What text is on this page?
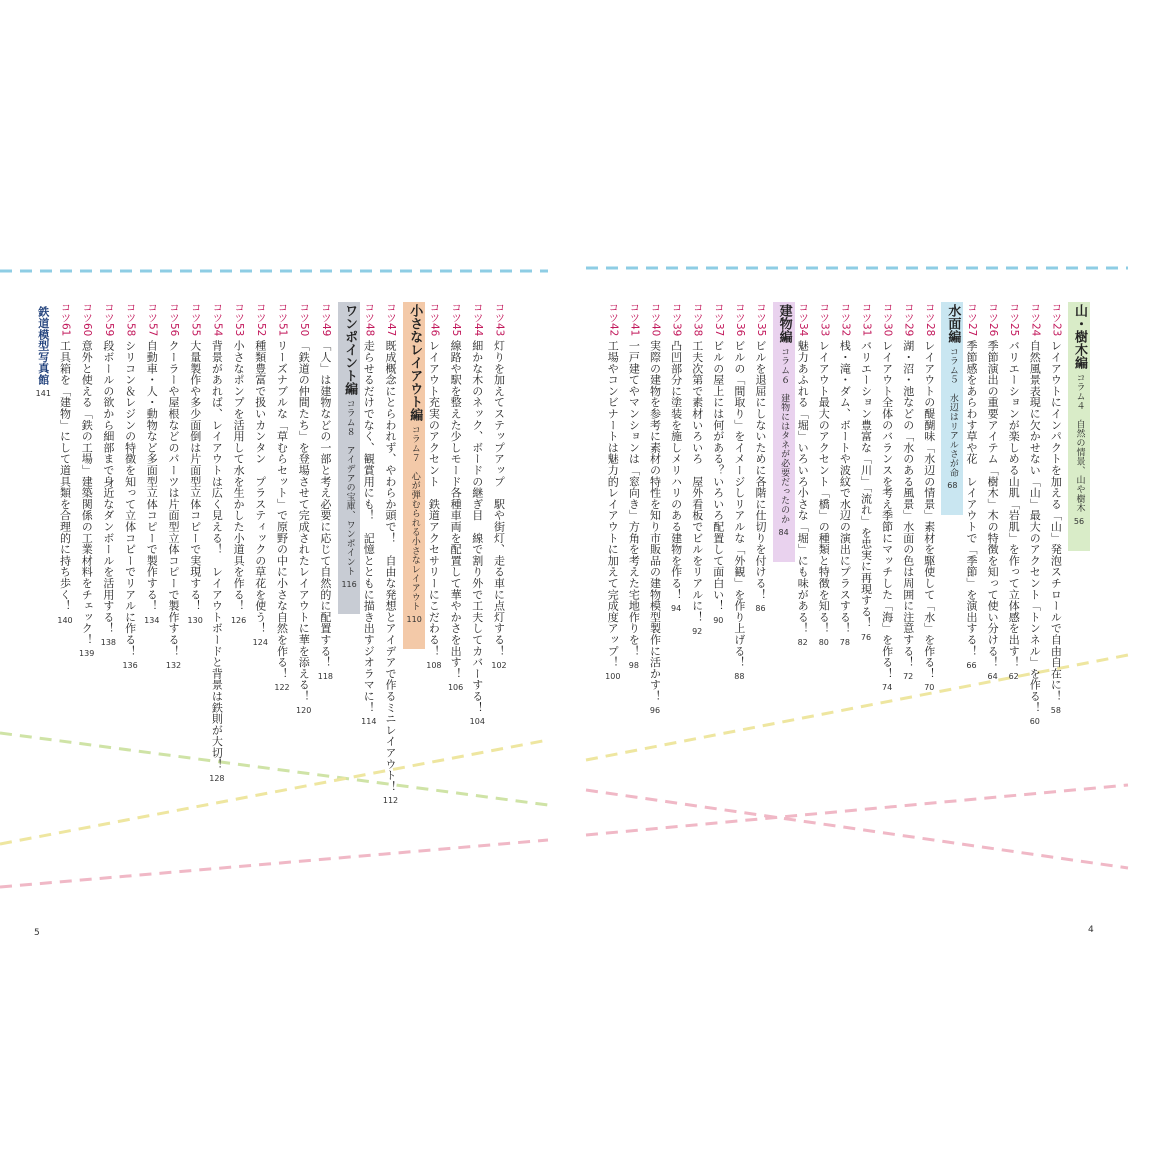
コツ43
灯りを加えてステップアップ　駅や街灯、走る車に点灯する！
102
コツ44
細かな木のネック、ボードの継ぎ目　線で割り外で工夫してカバーする！
104
コツ45
線路や駅を整えた少しモード各種車両を配置して華やかさを出す！
106
コツ46
レイアウト充実のアクセント　鉄道アクセサリーにこだわる！
108
小さなレイアウト編
コラム７　心が弾むられる小さなレイアウト
110
コツ47
既成概念にとらわれず、やわらか頭で！　自由な発想とアイデアで作るミニレイアウト！
112
コツ48
走らせるだけでなく、観賞用にも！　記憶とともに描き出すジオラマに！
114
ワンポイント編
コラム８　アイデアの宝庫、ワンポイント
116
コツ49
「人」は建物などの一部と考え必要に応じて自然的に配置する！
118
コツ50
「鉄道の仲間たち」を登場させて完成されたレイアウトに華を添える！
120
コツ51
リーズナブルな「草むらセット」で原野の中に小さな自然を作る！
122
コツ52
種類豊富で扱いカンタン　プラスティックの草花を使う！
124
コツ53
小さなポンプを活用して水を生かした小道具を作る！
126
コツ54
背景があれば、レイアウトは広く見える！　レイアウトボードと背景は鉄則が大切！
128
コツ55
大量製作や多少面倒は片面型立体コピーで実現する！
130
コツ56
クーラーや屋根などのパーツは片面型立体コピーで製作する！
132
コツ57
自動車・人・動物など多面型立体コピーで製作する！
134
コツ58
シリコン＆レジンの特徴を知って立体コピーでリアルに作る！
136
コツ59
段ボールの欲から細部まで身近なダンボールを活用する！
138
コツ60
意外と使える「鉄の工場」建築関係の工業材料をチェック！
139
コツ61
工具箱を「建物」にして道具類を合理的に持ち歩く！
140
鉄道模型写真館
141
山・樹木編
コラム４　自然の情景、山や樹木
56
コツ23
レイアウトにインパクトを加える「山」発泡スチロールで自由自在に！
58
コツ24
自然風景表現に欠かせない「山」最大のアクセント「トンネル」を作る！
60
コツ25
バリエーションが楽しめる山肌「岩肌」を作って立体感を出す！
62
コツ26
季節演出の重要アイテム「樹木」木の特徴を知って使い分ける！
64
コツ27
季節感をあらわす草や花　レイアウトで「季節」を演出する！
66
水面編
コラム５　水辺はリアルさが命
68
コツ28
レイアウトの醍醐味「水辺の情景」素材を駆使して「水」を作る！
70
コツ29
湖・沼・池などの「水のある風景」水面の色は周囲に注意する！
72
コツ30
レイアウト全体のバランスを考え季節にマッチした「海」を作る！
74
コツ31
バリエーション豊富な「川」「流れ」を忠実に再現する！
76
コツ32
桟・滝・ダム、ボートや波紋で水辺の演出にプラスする！
78
コツ33
レイアウト最大のアクセント「橋」の種類と特徴を知る！
80
コツ34
魅力あふれる「堀」いろいろ小さな「堀」にも味がある！
82
建物編
コラム６　建物にはタネが必要だったのか
84
コツ35
ビルを退屈にしないために各階に仕切りを付ける！
86
コツ36
ビルの「間取り」をイメージしリアルな「外観」を作り上げる！
88
コツ37
ビルの屋上には何がある？いろいろ配置して面白い！
90
コツ38
工夫次第で素材いろいろ　屋外看板でビルをリアルに！
92
コツ39
凸凹部分に塗装を施しメリハリのある建物を作る！
94
コツ40
実際の建物を参考に素材の特性を知り市販品の建物模型製作に活かす！
96
コツ41
一戸建てやマンションは「窓向き」方角を考えた宅地作りを！
98
コツ42
工場やコンビナートは魅力的レイアウトに加えて完成度アップ！
100
5	4
